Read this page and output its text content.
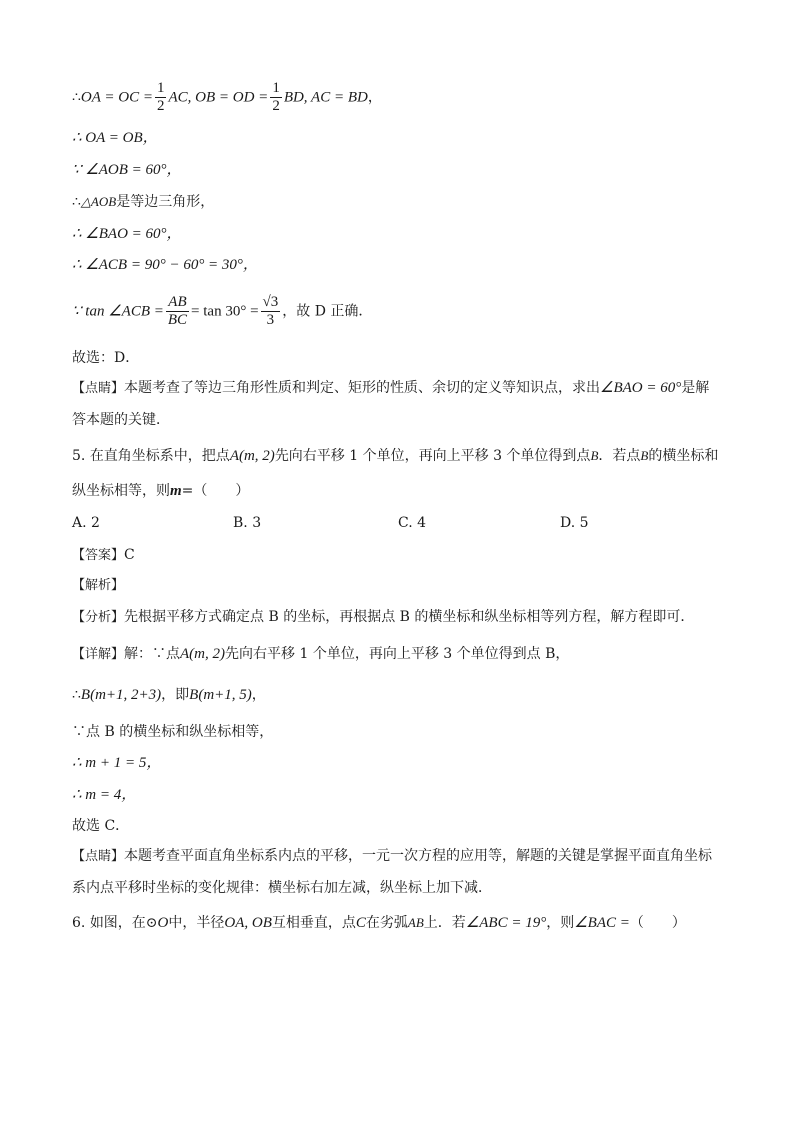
∴OA = OC = $\frac{1}{2}$ AC, OB = OD = $\frac{1}{2}$ BD, AC = BD，
∴ OA = OB，
∵ ∠AOB = 60°，
∴△AOB是等边三角形，
∴ ∠BAO = 60°，
∴ ∠ACB = 90° − 60° = 30°，
∵ tan ∠ACB = $\frac{AB}{BC} = \tan 30^\circ = \frac{√3}{3}$ ，故 D 正确．
故选：D．
【点睛】本题考查了等边三角形性质和判定、矩形的性质、余切的定义等知识点，求出∠BAO = 60°是解
答本题的关键．
5. 在直角坐标系中，把点A(m, 2)先向右平移 1 个单位，再向上平移 3 个单位得到点B．若点B的横坐标和
纵坐标相等，则m=（　　）
A. 2	B. 3	C. 4	D. 5
【答案】C
【解析】
【分析】先根据平移方式确定点 B 的坐标，再根据点 B 的横坐标和纵坐标相等列方程，解方程即可．
【详解】解：∵点A(m, 2)先向右平移 1 个单位，再向上平移 3 个单位得到点 B，
∴B(m+1, 2+3)，即B(m+1, 5)，
∵点 B 的横坐标和纵坐标相等，
∴ m + 1 = 5，
∴ m = 4，
故选 C．
【点睛】本题考查平面直角坐标系内点的平移，一元一次方程的应用等，解题的关键是掌握平面直角坐标
系内点平移时坐标的变化规律：横坐标右加左减，纵坐标上加下减．
6. 如图，在⊙O中，半径OA, OB互相垂直，点C在劣弧AB上．若∠ABC = 19°，则∠BAC =（　　）
